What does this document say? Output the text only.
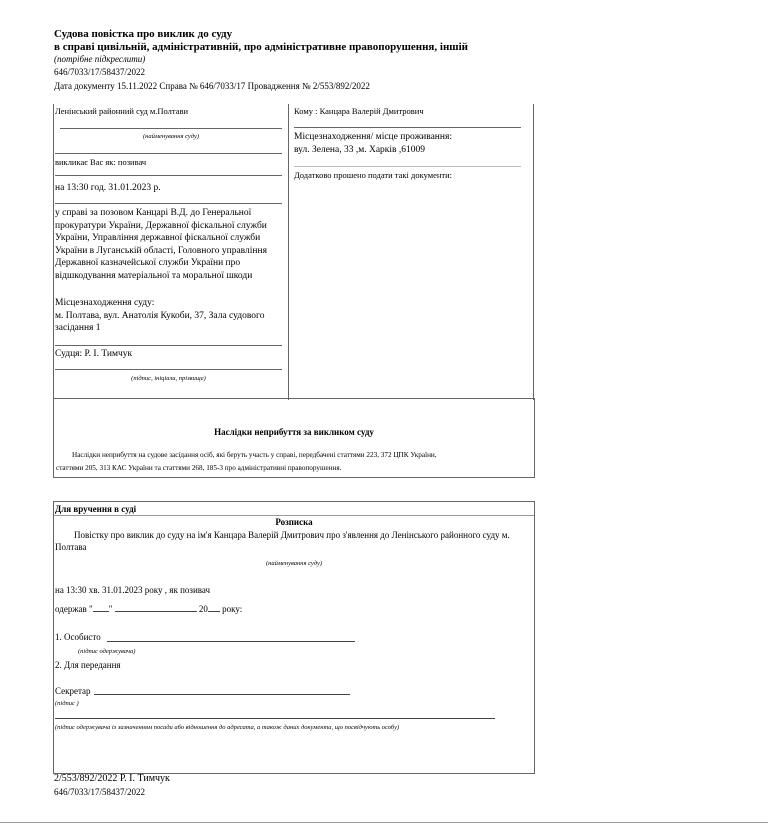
Судова повістка про виклик до суду
в справі цивільній, адміністративній, про адміністративне правопорушення, іншій
(потрібне підкреслити)
646/7033/17/58437/2022
Дата документу 15.11.2022 Справа № 646/7033/17 Провадження № 2/553/892/2022
Ленінський районний суд м.Полтави
(найменування суду)
викликає Вас як: позивач
на 13:30 год. 31.01.2023 р.
у справі за позовом Канцарі В.Д. до Генеральної
прокуратури України, Державної фіскальної служби
України, Управління державної фіскальної служби
України в Луганській області, Головного управління
Державної казначейської служби України про
відшкодування матеріальної та моральної шкоди
Місцезнаходження суду:
м. Полтава, вул. Анатолія Кукоби, 37, Зала судового
засідання 1
Судця: Р. І. Тимчук
(підпис, ініціали, прізвище)
Кому : Канцара Валерій Дмитрович
Місцезнаходження/ місце проживання:
вул. Зелена, 33 ,м. Харків ,61009
Додатково прошено подати такі документи:
Наслідки неприбуття за викликом суду
Наслідки неприбуття на судове засідання осіб, які беруть участь у справі, передбачені статтями 223, 372 ЦПК України,
статтями 205, 313 КАС України та статтями 268, 185-3 про адміністративні правопорушення.
Для вручення в суді
Розписка
Повістку про виклик до суду на ім'я Канцара Валерій Дмитрович про з'явлення до Ленінського районного суду м.
Полтава
(найменування суду)
на 13:30 хв. 31.01.2023 року , як позивач
одержав " "	20 року:
1. Особисто
(підпис одержувача)
2. Для передання
Секретар
(підпис )
(підпис одержувача із зазначенням посади або відношення до адресата, а також даних документа, що посвідчують особу)
2/553/892/2022 Р. І. Тимчук
646/7033/17/58437/2022
